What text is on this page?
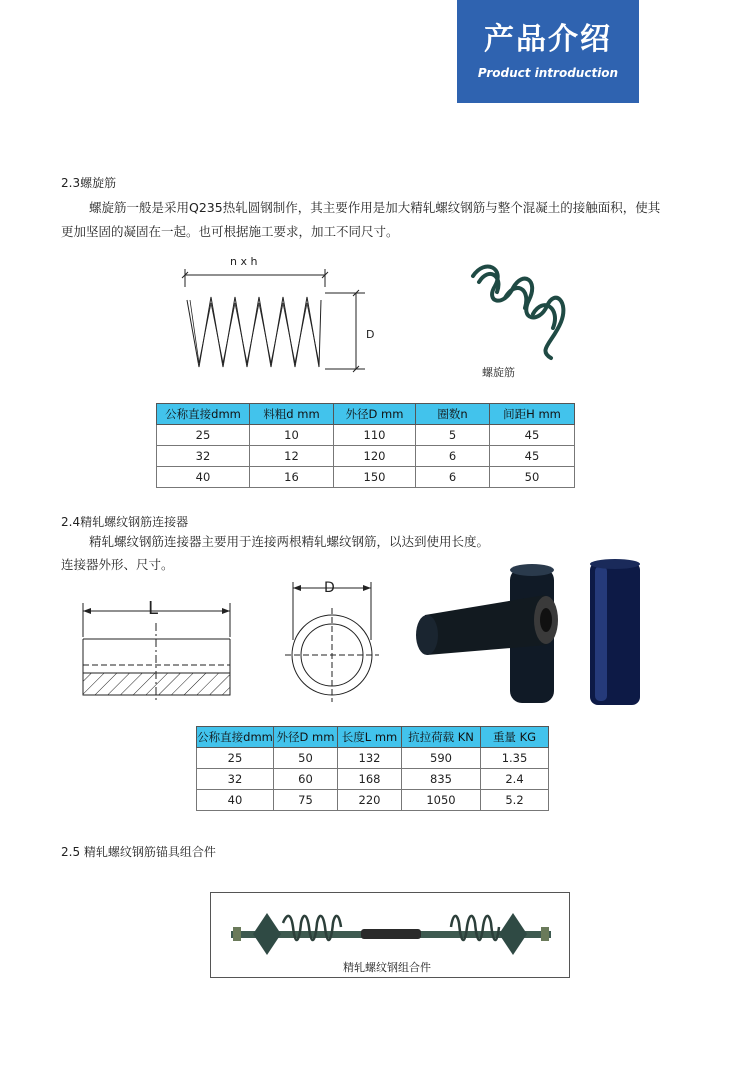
产品介绍
Product introduction
2.3螺旋筋
螺旋筋一般是采用Q235热轧圆钢制作，其主要作用是加大精轧螺纹钢筋与整个混凝土的接触面积，使其
更加坚固的凝固在一起。也可根据施工要求，加工不同尺寸。
n x h
D
螺旋筋
公称直接dmm	料粗d mm	外径D mm	圈数n	间距H mm
25	10	110	5	45
32	12	120	6	45
40	16	150	6	50
2.4精轧螺纹钢筋连接器
精轧螺纹钢筋连接器主要用于连接两根精轧螺纹钢筋，以达到使用长度。
连接器外形、尺寸。
L
D
公称直接dmm	外径D mm	长度L mm	抗拉荷载 KN	重量 KG
25	50	132	590	1.35
32	60	168	835	2.4
40	75	220	1050	5.2
2.5 精轧螺纹钢筋锚具组合件
精轧螺纹钢组合件
